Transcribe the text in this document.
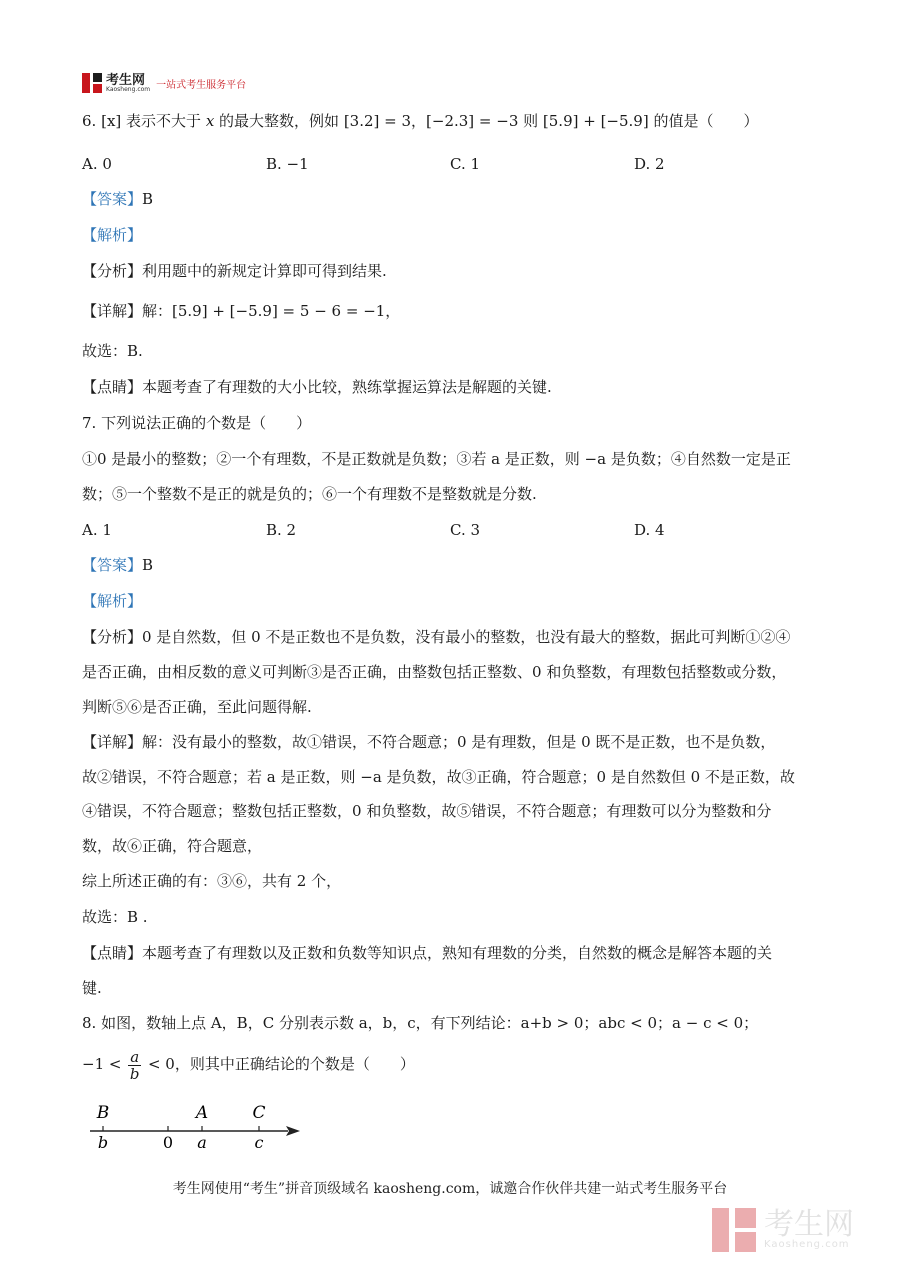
考生网
Kaosheng.com 一站式考生服务平台
6. [x] 表示不大于 x 的最大整数，例如 [3.2] = 3，[−2.3] = −3 则 [5.9] + [−5.9] 的值是（　　）
A. 0	B. −1	C. 1	D. 2
【答案】B
【解析】
【分析】利用题中的新规定计算即可得到结果.
【详解】解：[5.9] + [−5.9] = 5 − 6 = −1，
故选：B.
【点睛】本题考查了有理数的大小比较，熟练掌握运算法是解题的关键.
7. 下列说法正确的个数是（　　）
①0 是最小的整数；②一个有理数，不是正数就是负数；③若 a 是正数，则 −a 是负数；④自然数一定是正
数；⑤一个整数不是正的就是负的；⑥一个有理数不是整数就是分数.
A. 1	B. 2	C. 3	D. 4
【答案】B
【解析】
【分析】0 是自然数，但 0 不是正数也不是负数，没有最小的整数，也没有最大的整数，据此可判断①②④
是否正确，由相反数的意义可判断③是否正确，由整数包括正整数、0 和负整数，有理数包括整数或分数，
判断⑤⑥是否正确，至此问题得解.
【详解】解：没有最小的整数，故①错误，不符合题意；0 是有理数，但是 0 既不是正数，也不是负数，
故②错误，不符合题意；若 a 是正数，则 −a 是负数，故③正确，符合题意；0 是自然数但 0 不是正数，故
④错误，不符合题意；整数包括正整数，0 和负整数，故⑤错误，不符合题意；有理数可以分为整数和分
数，故⑥正确，符合题意，
综上所述正确的有：③⑥，共有 2 个，
故选：B .
【点睛】本题考查了有理数以及正数和负数等知识点，熟知有理数的分类，自然数的概念是解答本题的关
键.
8. 如图，数轴上点 A，B，C 分别表示数 a，b，c，有下列结论：a+b > 0；abc < 0；a − c < 0；
$-1 < \frac{a}{b} < 0$，则其中正确结论的个数是（　　）
B	A	C
b	0 a	c
考生网使用“考生”拼音顶级域名 kaosheng.com，诚邀合作伙伴共建一站式考生服务平台
考生网
Kaosheng.com
